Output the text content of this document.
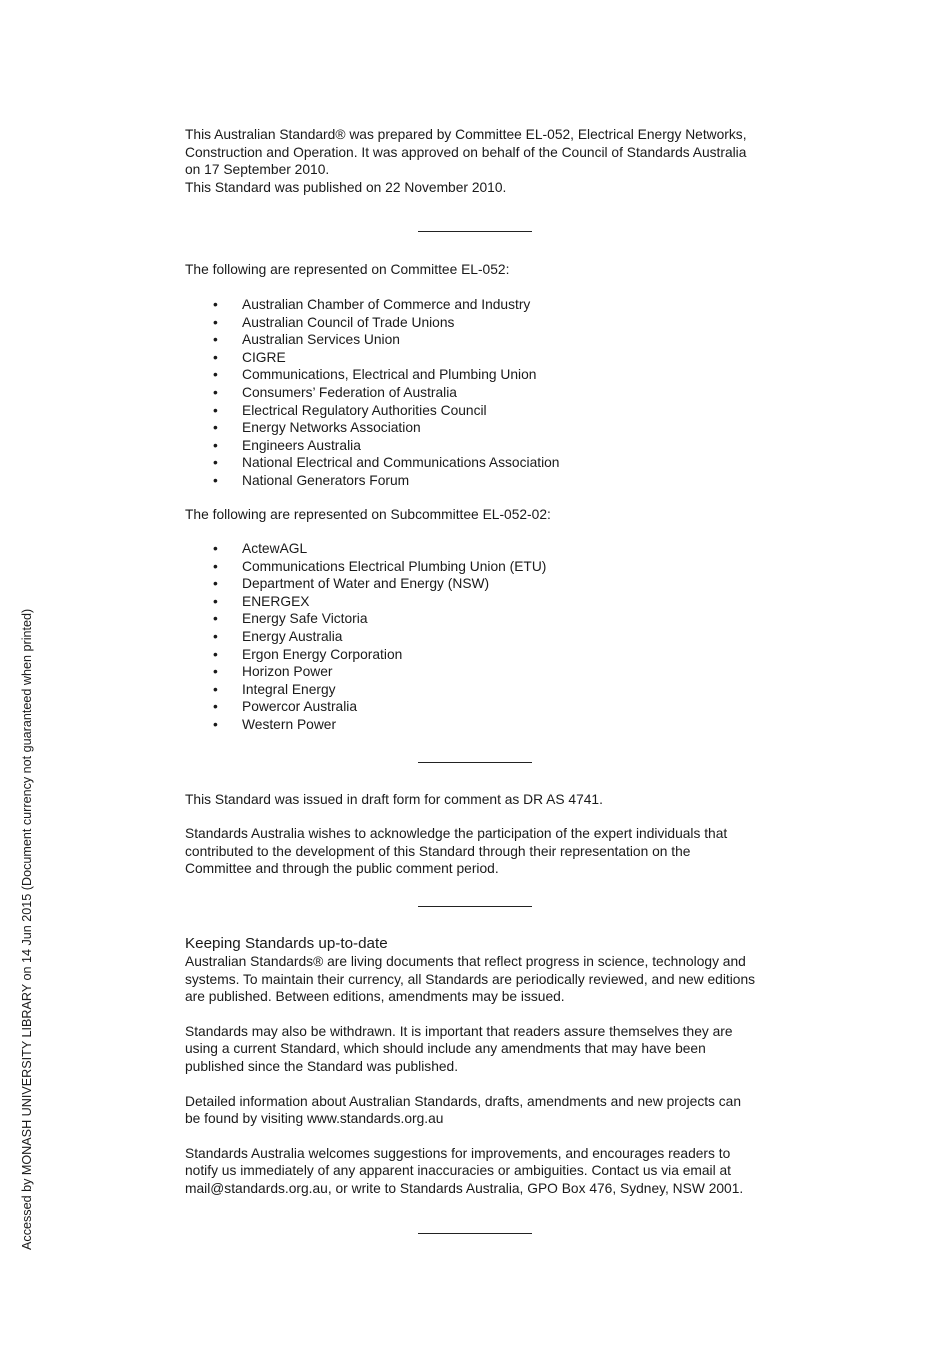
Accessed by MONASH UNIVERSITY LIBRARY on 14 Jun 2015 (Document currency not guaranteed when printed)

This Australian Standard® was prepared by Committee EL-052, Electrical Energy Networks,
Construction and Operation. It was approved on behalf of the Council of Standards Australia
on 17 September 2010.
This Standard was published on 22 November 2010.

The following are represented on Committee EL-052:

• Australian Chamber of Commerce and Industry
• Australian Council of Trade Unions
• Australian Services Union
• CIGRE
• Communications, Electrical and Plumbing Union
• Consumers’ Federation of Australia
• Electrical Regulatory Authorities Council
• Energy Networks Association
• Engineers Australia
• National Electrical and Communications Association
• National Generators Forum

The following are represented on Subcommittee EL-052-02:

• ActewAGL
• Communications Electrical Plumbing Union (ETU)
• Department of Water and Energy (NSW)
• ENERGEX
• Energy Safe Victoria
• Energy Australia
• Ergon Energy Corporation
• Horizon Power
• Integral Energy
• Powercor Australia
• Western Power

This Standard was issued in draft form for comment as DR AS 4741.

Standards Australia wishes to acknowledge the participation of the expert individuals that
contributed to the development of this Standard through their representation on the
Committee and through the public comment period.

Keeping Standards up-to-date

Australian Standards® are living documents that reflect progress in science, technology and
systems. To maintain their currency, all Standards are periodically reviewed, and new editions
are published. Between editions, amendments may be issued.

Standards may also be withdrawn. It is important that readers assure themselves they are
using a current Standard, which should include any amendments that may have been
published since the Standard was published.

Detailed information about Australian Standards, drafts, amendments and new projects can
be found by visiting www.standards.org.au

Standards Australia welcomes suggestions for improvements, and encourages readers to
notify us immediately of any apparent inaccuracies or ambiguities. Contact us via email at
mail@standards.org.au, or write to Standards Australia, GPO Box 476, Sydney, NSW 2001.
